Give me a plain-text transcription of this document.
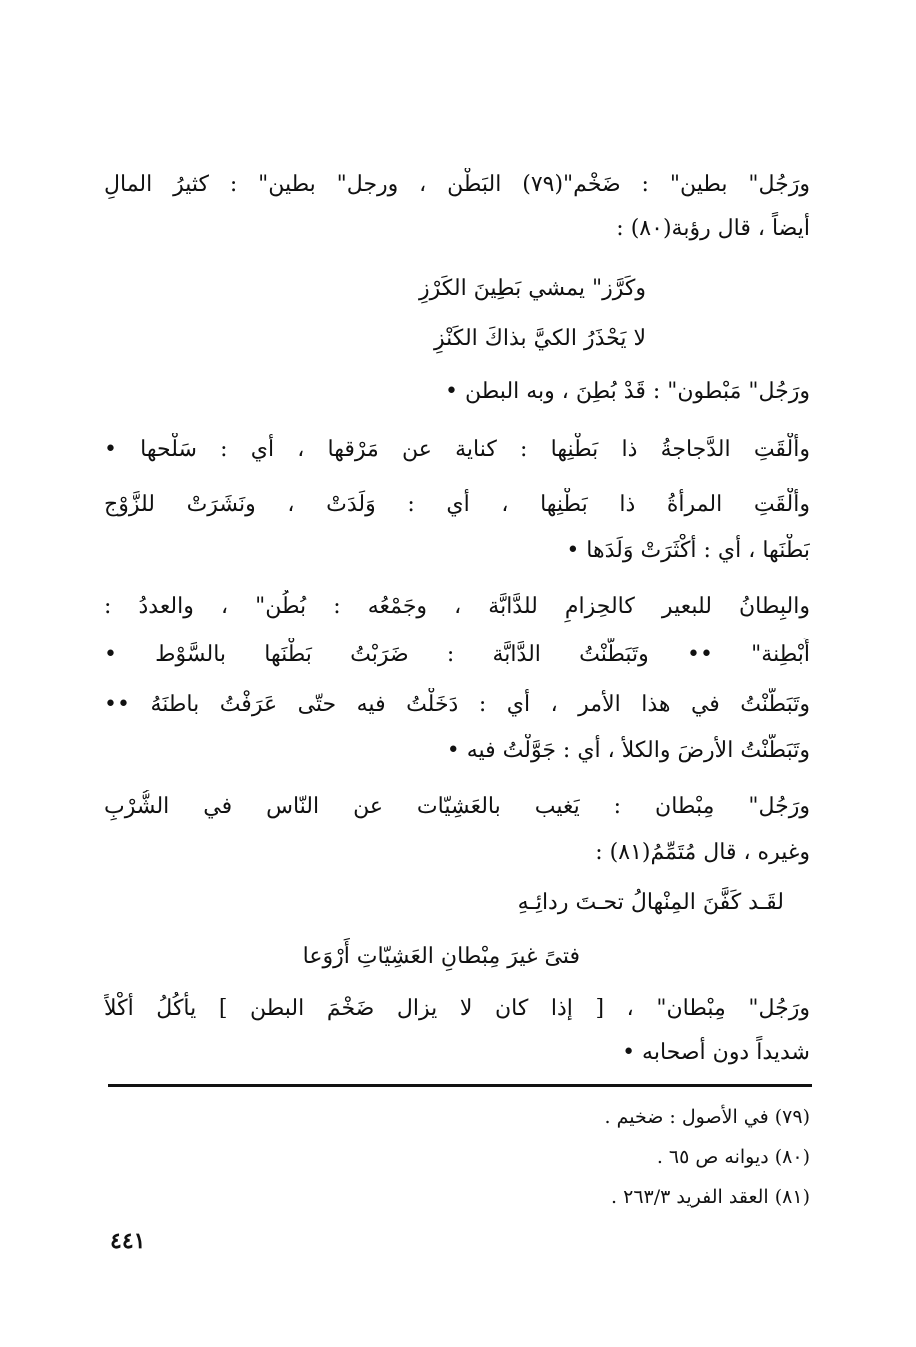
ورَجُل" بطين" : ضَخْم"(٧٩) البَطْن ، ورجل" بطين" : كثيرُ المالِ
أيضاً ، قال رؤبة(٨٠) :
وكَرَّز" يمشي بَطِينَ الكَرْزِ
لا يَحْذَرُ الكيَّ بذاكَ الكَنْزِ
ورَجُل" مَبْطون" : قَدْ بُطِنَ ، وبه البطن •
وألْقَتِ الدَّجاجةُ ذا بَطْنِها : كناية عن مَرْقها ، أي : سَلْحها •
وألْقَتِ المرأةُ ذا بَطْنِها ، أي : وَلَدَتْ ، ونَشَرَتْ للزَّوْج
بَطْنَها ، أي : أكْثَرَتْ وَلَدَها •
والبِطانُ للبعير كالحِزامِ للدَّابَّة ، وجَمْعُه : بُطُن" ، والعددُ :
أَبْطِنة" •• وتَبَطَّنْتُ الدَّابَّة : ضَرَبْتُ بَطْنَها بالسَّوْط •
وتَبَطَّنْتُ في هذا الأمر ، أي : دَخَلْتُ فيه حتّى عَرَفْتُ باطنَهُ ••
وتَبَطَّنْتُ الأرضَ والكلأ ، أي : جَوَّلْتُ فيه •
ورَجُل" مِبْطان : يَغيب بالعَشِيّات عن النّاس في الشُّرْبِ
وغيره ، قال مُتَمِّمُ(٨١) :
لقَـد كَفَّنَ المِنْهالُ تحـتَ ردائِـهِ
فتىً غيرَ مِبْطانِ العَشِيّاتِ أَرْوَعا
ورَجُل" مِبْطان" ، [ إذا كان لا يزال ضَخْمَ البطن ] يأكُلُ أكْلاً
شديداً دون أصحابه •
(٧٩) في الأصول : ضخيم .
(٨٠) ديوانه ص ٦٥ .
(٨١) العقد الفريد ٢٦٣/٣ .
٤٤١
